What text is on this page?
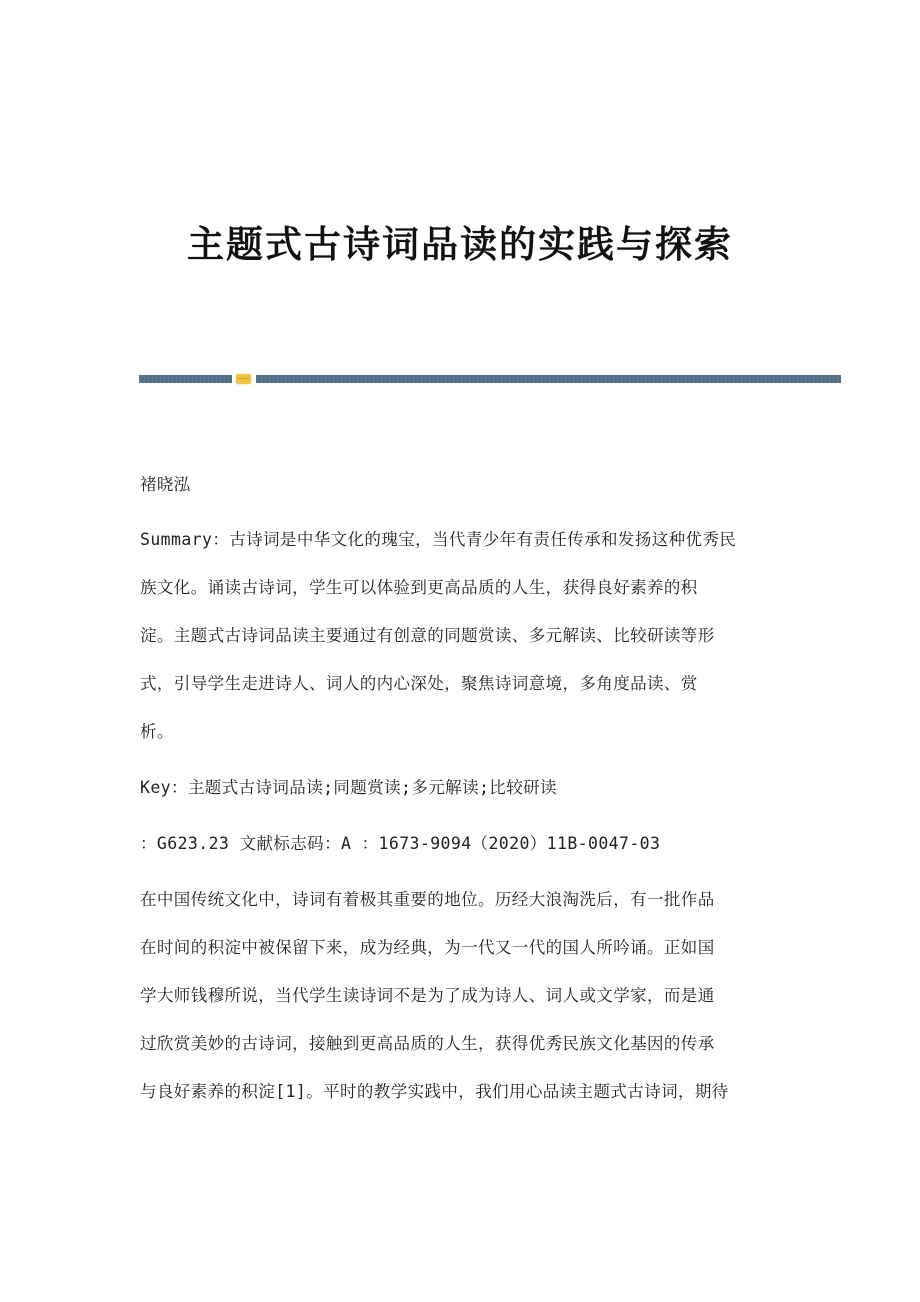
主题式古诗词品读的实践与探索
褚晓泓
Summary：古诗词是中华文化的瑰宝，当代青少年有责任传承和发扬这种优秀民
族文化。诵读古诗词，学生可以体验到更高品质的人生，获得良好素养的积
淀。主题式古诗词品读主要通过有创意的同题赏读、多元解读、比较研读等形
式，引导学生走进诗人、词人的内心深处，聚焦诗词意境，多角度品读、赏
析。
Key：主题式古诗词品读;同题赏读;多元解读;比较研读
：G623.23 文献标志码：A ：1673-9094（2020）11B-0047-03
在中国传统文化中，诗词有着极其重要的地位。历经大浪淘洗后，有一批作品
在时间的积淀中被保留下来，成为经典，为一代又一代的国人所吟诵。正如国
学大师钱穆所说，当代学生读诗词不是为了成为诗人、词人或文学家，而是通
过欣赏美妙的古诗词，接触到更高品质的人生，获得优秀民族文化基因的传承
与良好素养的积淀[1]。平时的教学实践中，我们用心品读主题式古诗词，期待
